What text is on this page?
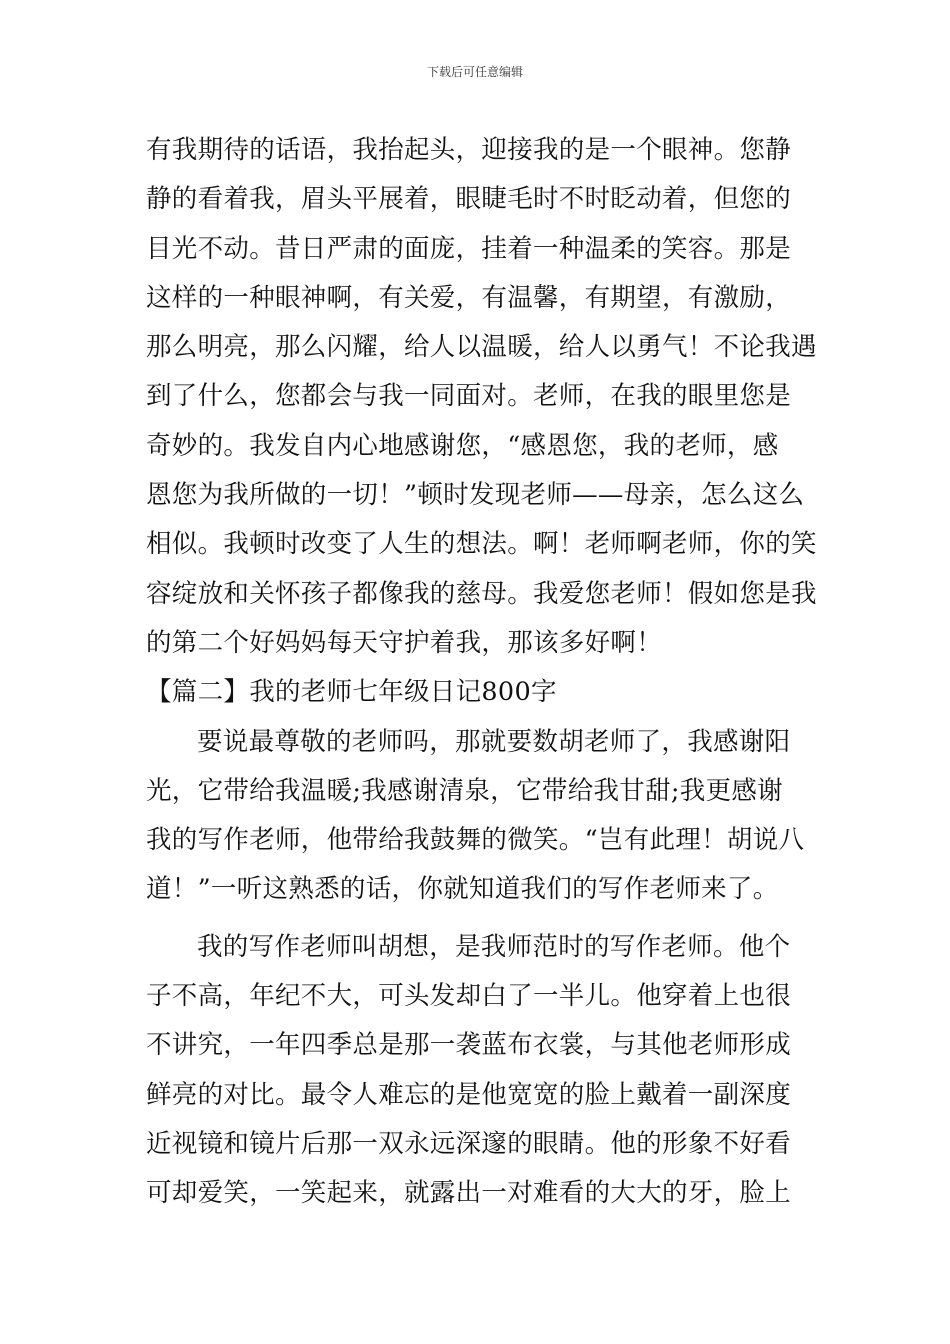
下载后可任意编辑
有我期待的话语，我抬起头，迎接我的是一个眼神。您静
静的看着我，眉头平展着，眼睫毛时不时眨动着，但您的
目光不动。昔日严肃的面庞，挂着一种温柔的笑容。那是
这样的一种眼神啊，有关爱，有温馨，有期望，有激励，
那么明亮，那么闪耀，给人以温暖，给人以勇气！不论我遇
到了什么，您都会与我一同面对。老师，在我的眼里您是
奇妙的。我发自内心地感谢您，“感恩您，我的老师，感
恩您为我所做的一切！”顿时发现老师——母亲，怎么这么
相似。我顿时改变了人生的想法。啊！老师啊老师，你的笑
容绽放和关怀孩子都像我的慈母。我爱您老师！假如您是我
的第二个好妈妈每天守护着我，那该多好啊！
【篇二】我的老师七年级日记800字
要说最尊敬的老师吗，那就要数胡老师了，我感谢阳
光，它带给我温暖;我感谢清泉，它带给我甘甜;我更感谢
我的写作老师，他带给我鼓舞的微笑。“岂有此理！胡说八
道！”一听这熟悉的话，你就知道我们的写作老师来了。
我的写作老师叫胡想，是我师范时的写作老师。他个
子不高，年纪不大，可头发却白了一半儿。他穿着上也很
不讲究，一年四季总是那一袭蓝布衣裳，与其他老师形成
鲜亮的对比。最令人难忘的是他宽宽的脸上戴着一副深度
近视镜和镜片后那一双永远深邃的眼睛。他的形象不好看
可却爱笑，一笑起来，就露出一对难看的大大的牙，脸上
